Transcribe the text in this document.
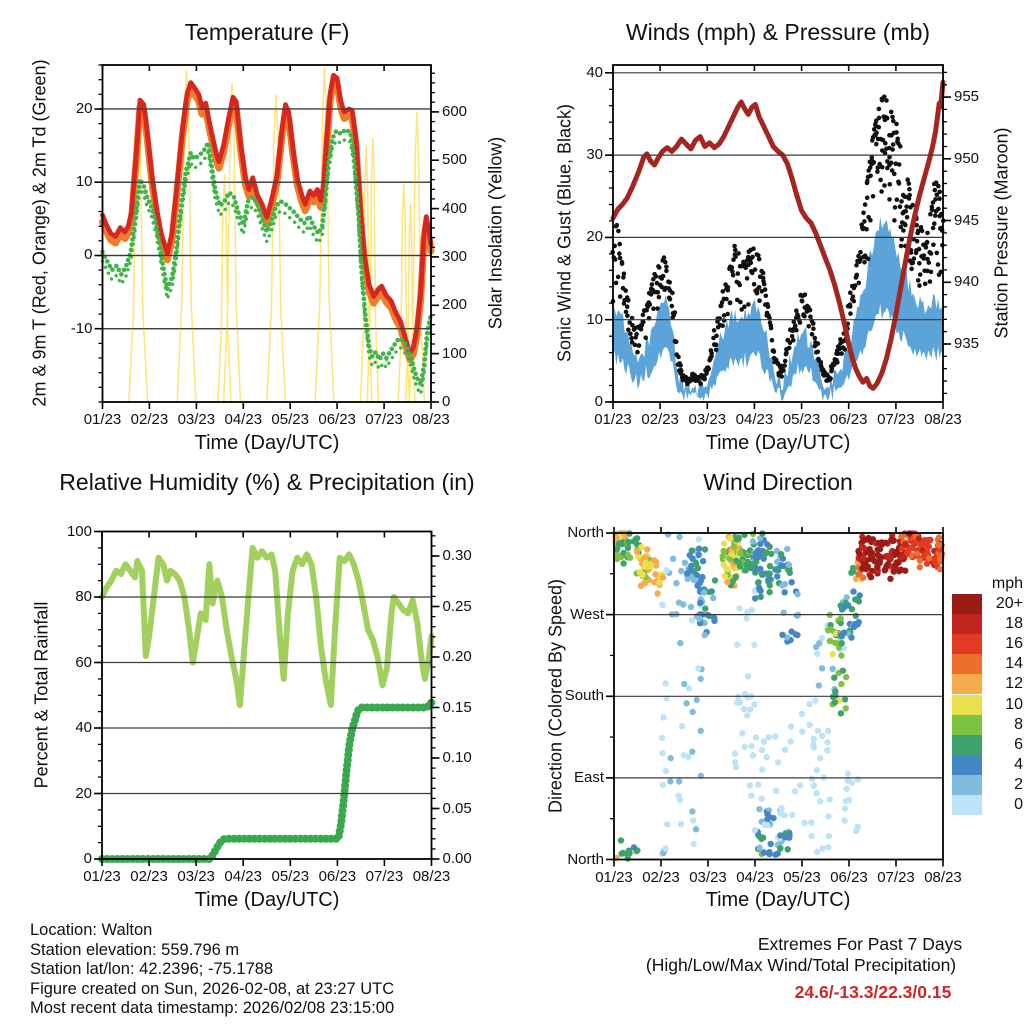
Temperature (F)	Winds (mph) & Pressure (mb)
Relative Humidity (%) & Precipitation (in)	Wind Direction
Time (Day/UTC)	Time (Day/UTC)
Time (Day/UTC)	Time (Day/UTC)
2m & 9m T (Red, Orange) & 2m Td (Green)	Solar Insolation (Yellow)	Sonic Wind & Gust (Blue, Black)	Station Pressure (Maroon)
Percent & Total Rainfall	Direction (Colored By Speed)
01/23 02/23 03/23 04/23 05/23 06/23 07/23 08/23
-10
0
10
20
0
100
200
300
400
500
600
01/23 02/23 03/23 04/23 05/23 06/23 07/23 08/23
0
10
20
30
40
935
940
945
950
955
01/23 02/23 03/23 04/23 05/23 06/23 07/23 08/23
0
20
40
60
80
100
0.00
0.05
0.10
0.15
0.20
0.25
0.30
01/23 02/23 03/23 04/23 05/23 06/23 07/23 08/23
North
West
South
East
North
mph
20+
18
16
14
12
10
8
6
4
2
0
Location: Walton
Station elevation: 559.796 m
Station lat/lon: 42.2396; -75.1788
Figure created on Sun, 2026-02-08, at 23:27 UTC
Most recent data timestamp: 2026/02/08 23:15:00
Extremes For Past 7 Days
(High/Low/Max Wind/Total Precipitation)
24.6/-13.3/22.3/0.15
